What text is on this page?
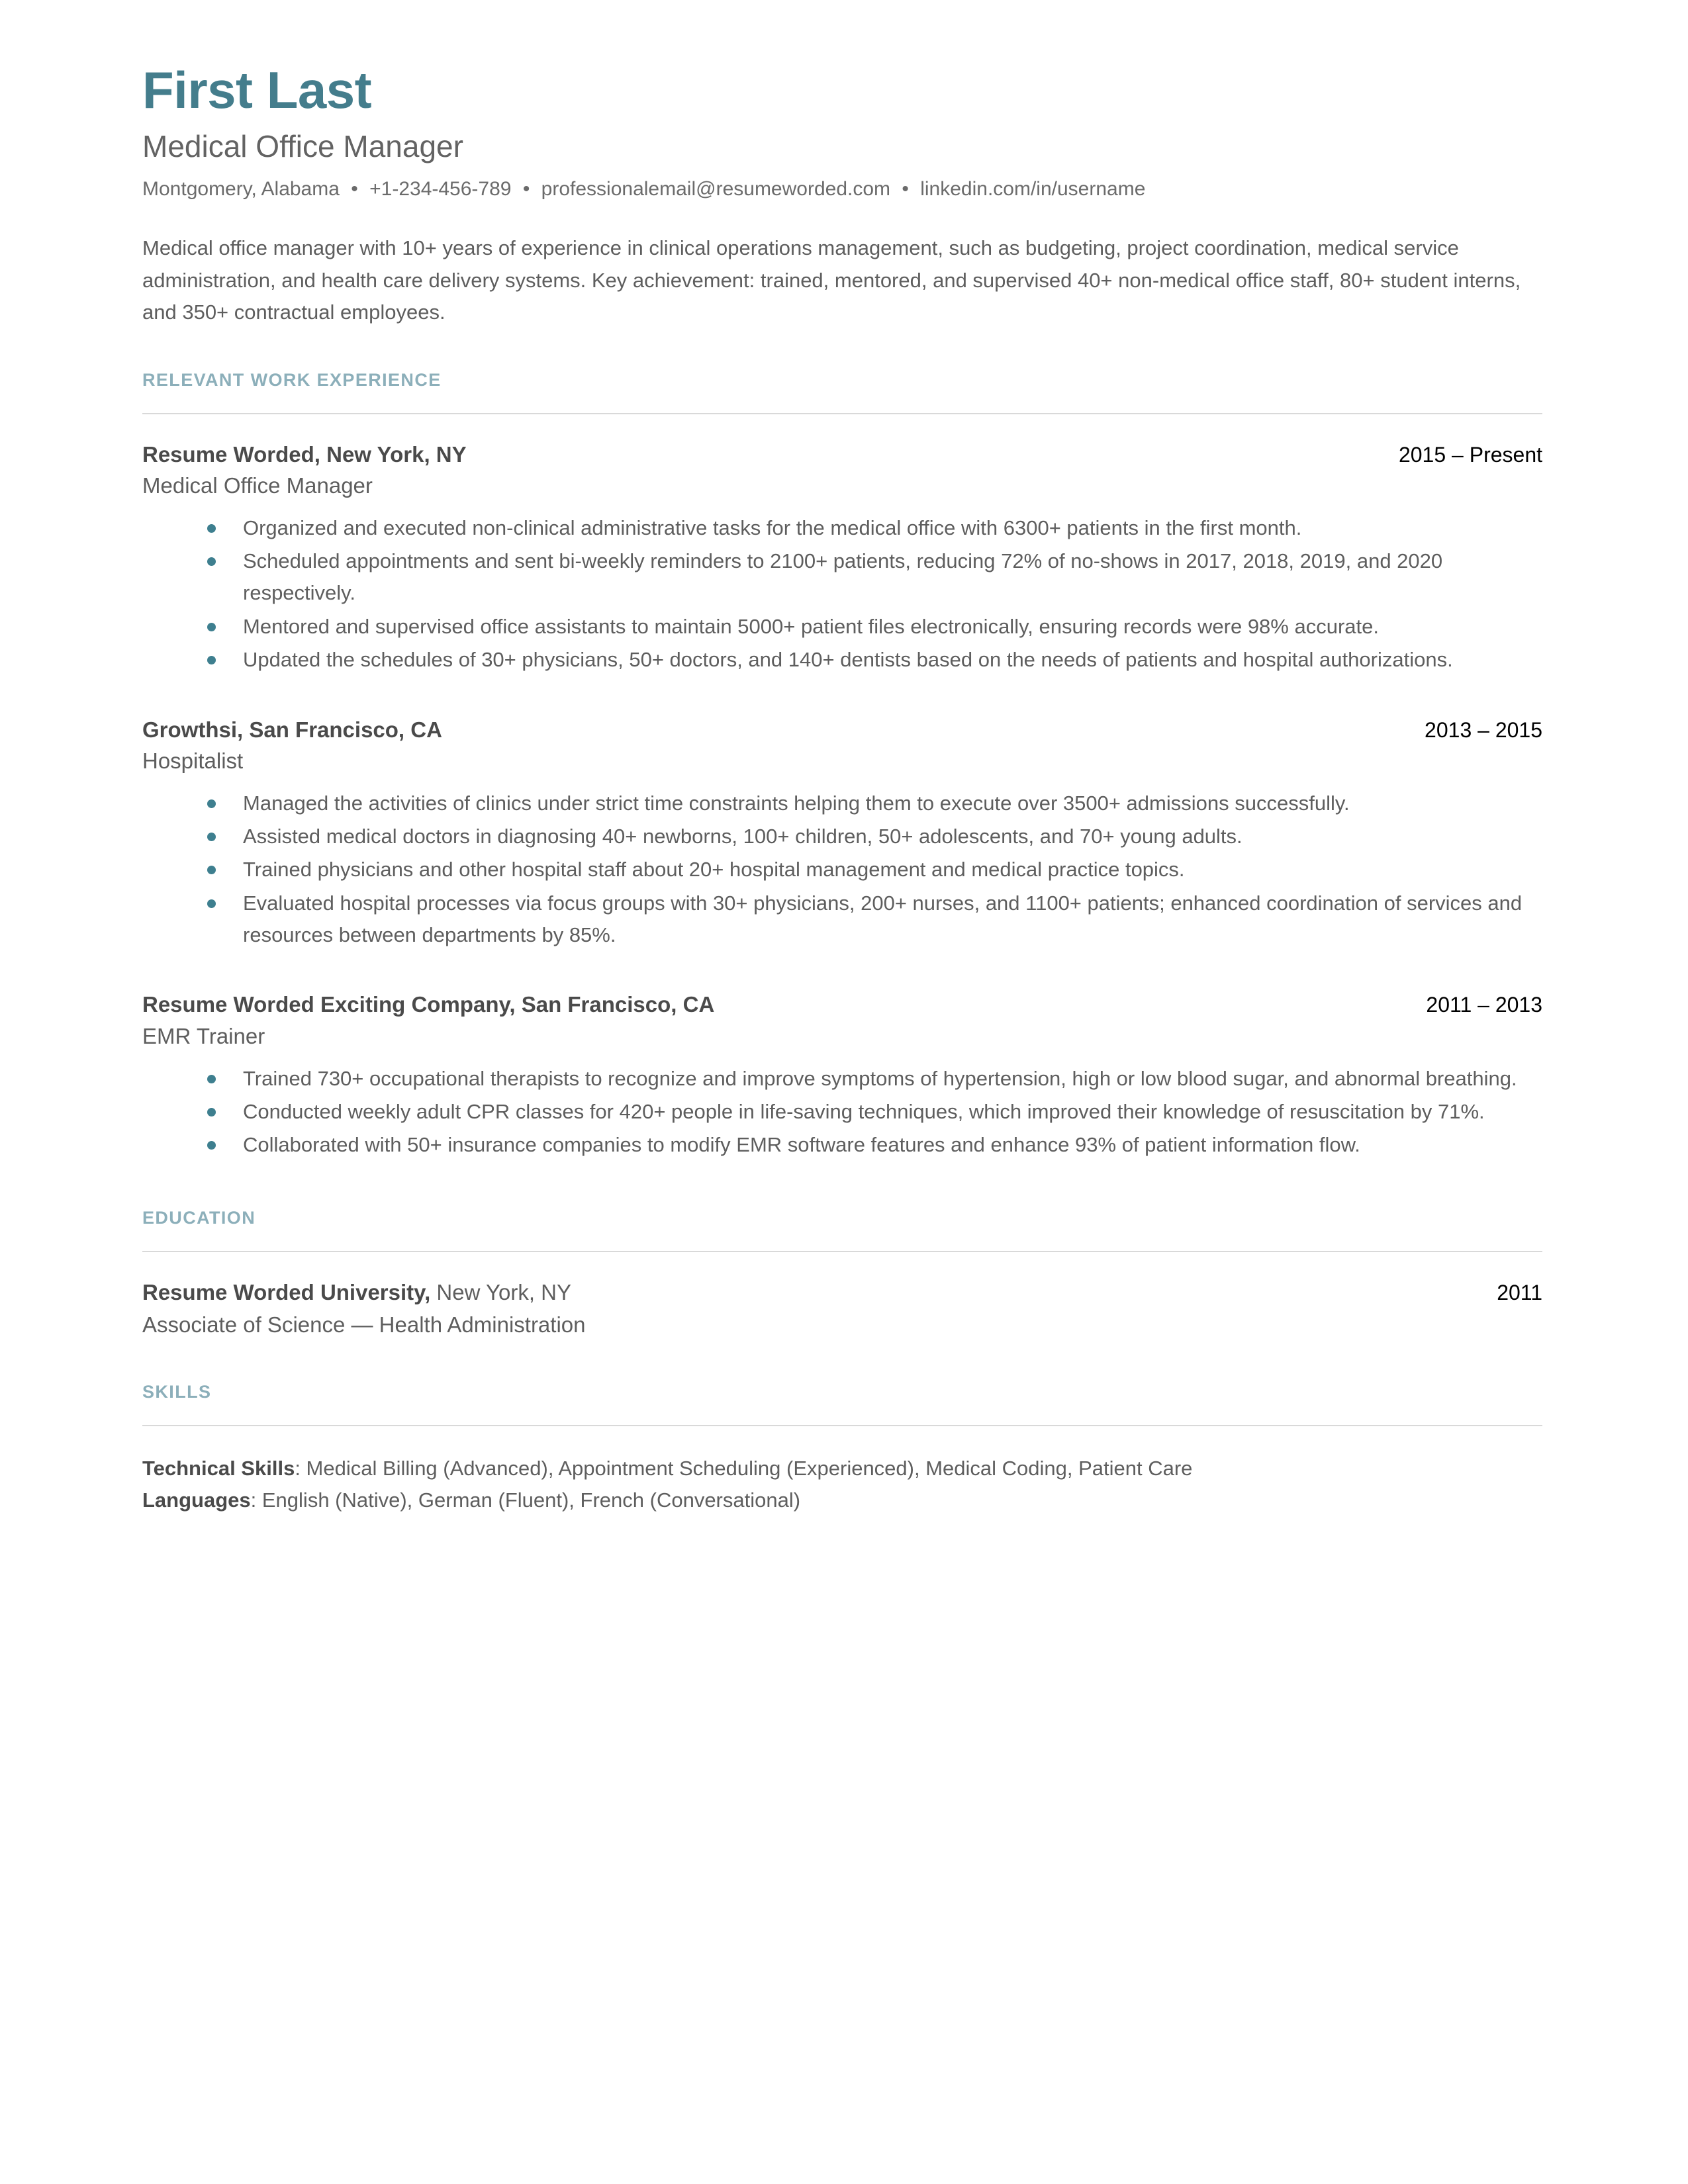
First Last
Medical Office Manager
Montgomery, Alabama • +1-234-456-789 • professionalemail@resumeworded.com • linkedin.com/in/username

Medical office manager with 10+ years of experience in clinical operations management, such as budgeting, project coordination, medical service administration, and health care delivery systems. Key achievement: trained, mentored, and supervised 40+ non-medical office staff, 80+ student interns, and 350+ contractual employees.

RELEVANT WORK EXPERIENCE
Resume Worded, New York, NY	2015 – Present
Medical Office Manager
Organized and executed non-clinical administrative tasks for the medical office with 6300+ patients in the first month.
Scheduled appointments and sent bi-weekly reminders to 2100+ patients, reducing 72% of no-shows in 2017, 2018, 2019, and 2020 respectively.
Mentored and supervised office assistants to maintain 5000+ patient files electronically, ensuring records were 98% accurate.
Updated the schedules of 30+ physicians, 50+ doctors, and 140+ dentists based on the needs of patients and hospital authorizations.
Growthsi, San Francisco, CA	2013 – 2015
Hospitalist
Managed the activities of clinics under strict time constraints helping them to execute over 3500+ admissions successfully.
Assisted medical doctors in diagnosing 40+ newborns, 100+ children, 50+ adolescents, and 70+ young adults.
Trained physicians and other hospital staff about 20+ hospital management and medical practice topics.
Evaluated hospital processes via focus groups with 30+ physicians, 200+ nurses, and 1100+ patients; enhanced coordination of services and resources between departments by 85%.
Resume Worded Exciting Company, San Francisco, CA	2011 – 2013
EMR Trainer
Trained 730+ occupational therapists to recognize and improve symptoms of hypertension, high or low blood sugar, and abnormal breathing.
Conducted weekly adult CPR classes for 420+ people in life-saving techniques, which improved their knowledge of resuscitation by 71%.
Collaborated with 50+ insurance companies to modify EMR software features and enhance 93% of patient information flow.
EDUCATION
Resume Worded University, New York, NY	2011
Associate of Science — Health Administration
SKILLS
Technical Skills: Medical Billing (Advanced), Appointment Scheduling (Experienced), Medical Coding, Patient Care
Languages: English (Native), German (Fluent), French (Conversational)
